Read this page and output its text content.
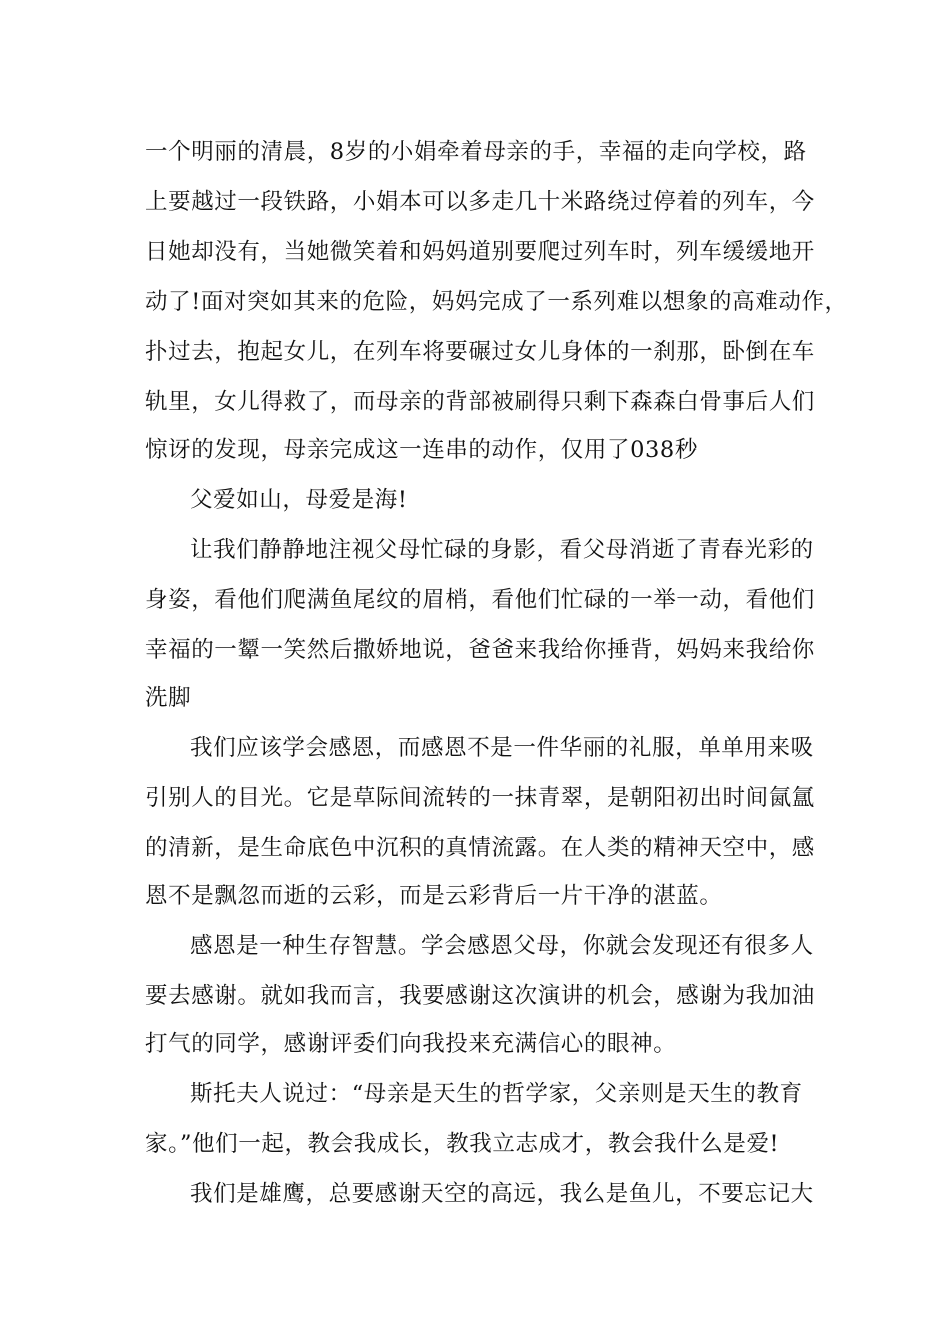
一个明丽的清晨，8岁的小娟牵着母亲的手，幸福的走向学校，路
上要越过一段铁路，小娟本可以多走几十米路绕过停着的列车，今
日她却没有，当她微笑着和妈妈道别要爬过列车时，列车缓缓地开
动了!面对突如其来的危险，妈妈完成了一系列难以想象的高难动作，
扑过去，抱起女儿，在列车将要碾过女儿身体的一刹那，卧倒在车
轨里，女儿得救了，而母亲的背部被刷得只剩下森森白骨事后人们
惊讶的发现，母亲完成这一连串的动作，仅用了038秒
父爱如山，母爱是海!
让我们静静地注视父母忙碌的身影，看父母消逝了青春光彩的
身姿，看他们爬满鱼尾纹的眉梢，看他们忙碌的一举一动，看他们
幸福的一颦一笑然后撒娇地说，爸爸来我给你捶背，妈妈来我给你
洗脚
我们应该学会感恩，而感恩不是一件华丽的礼服，单单用来吸
引别人的目光。它是草际间流转的一抹青翠，是朝阳初出时间氤氲
的清新，是生命底色中沉积的真情流露。在人类的精神天空中，感
恩不是飘忽而逝的云彩，而是云彩背后一片干净的湛蓝。
感恩是一种生存智慧。学会感恩父母，你就会发现还有很多人
要去感谢。就如我而言，我要感谢这次演讲的机会，感谢为我加油
打气的同学，感谢评委们向我投来充满信心的眼神。
斯托夫人说过：“母亲是天生的哲学家，父亲则是天生的教育
家。”他们一起，教会我成长，教我立志成才，教会我什么是爱!
我们是雄鹰，总要感谢天空的高远，我么是鱼儿，不要忘记大
